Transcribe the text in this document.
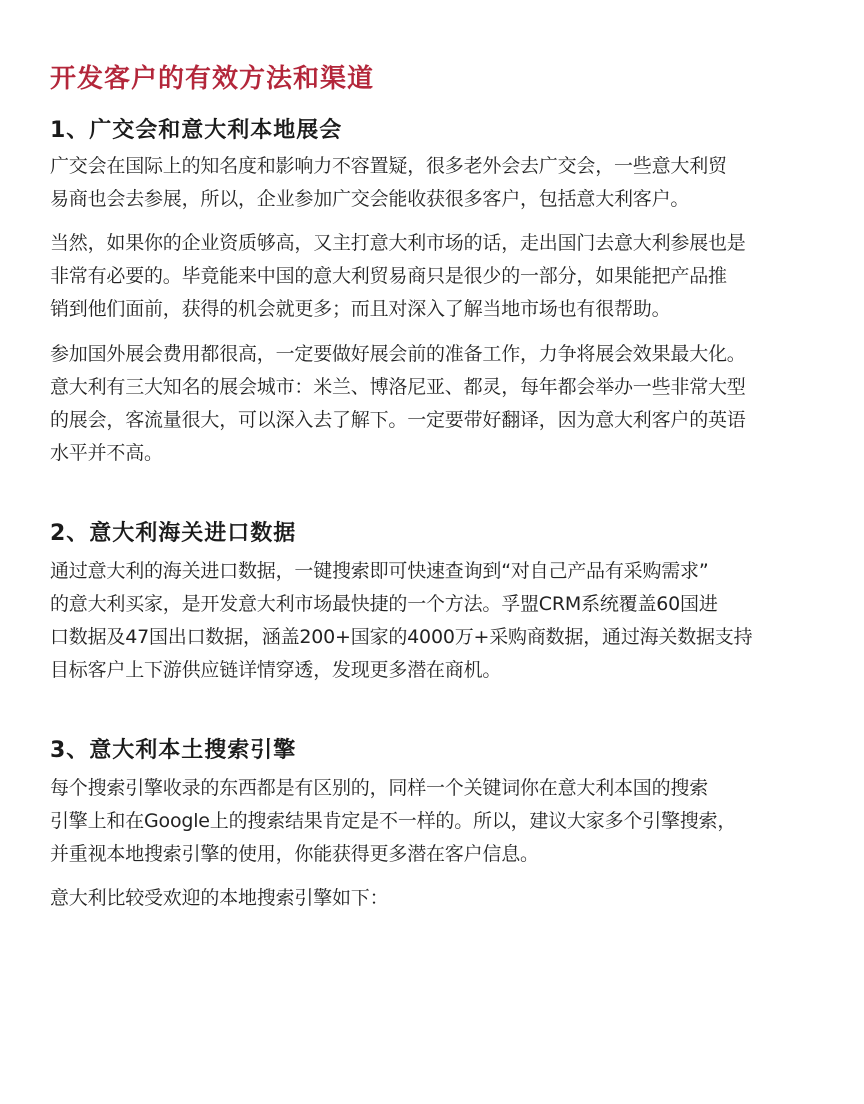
开发客户的有效方法和渠道
1、广交会和意大利本地展会
广交会在国际上的知名度和影响力不容置疑，很多老外会去广交会，一些意大利贸
易商也会去参展，所以，企业参加广交会能收获很多客户，包括意大利客户。
当然，如果你的企业资质够高，又主打意大利市场的话，走出国门去意大利参展也是
非常有必要的。毕竟能来中国的意大利贸易商只是很少的一部分，如果能把产品推
销到他们面前，获得的机会就更多；而且对深入了解当地市场也有很帮助。
参加国外展会费用都很高，一定要做好展会前的准备工作，力争将展会效果最大化。
意大利有三大知名的展会城市：米兰、博洛尼亚、都灵，每年都会举办一些非常大型
的展会，客流量很大，可以深入去了解下。一定要带好翻译，因为意大利客户的英语
水平并不高。
2、意大利海关进口数据
通过意大利的海关进口数据，一键搜索即可快速查询到“对自己产品有采购需求”
的意大利买家，是开发意大利市场最快捷的一个方法。孚盟CRM系统覆盖60国进
口数据及47国出口数据，涵盖200+国家的4000万+采购商数据，通过海关数据支持
目标客户上下游供应链详情穿透，发现更多潜在商机。
3、意大利本土搜索引擎
每个搜索引擎收录的东西都是有区别的，同样一个关键词你在意大利本国的搜索
引擎上和在Google上的搜索结果肯定是不一样的。所以，建议大家多个引擎搜索，
并重视本地搜索引擎的使用，你能获得更多潜在客户信息。
意大利比较受欢迎的本地搜索引擎如下：
